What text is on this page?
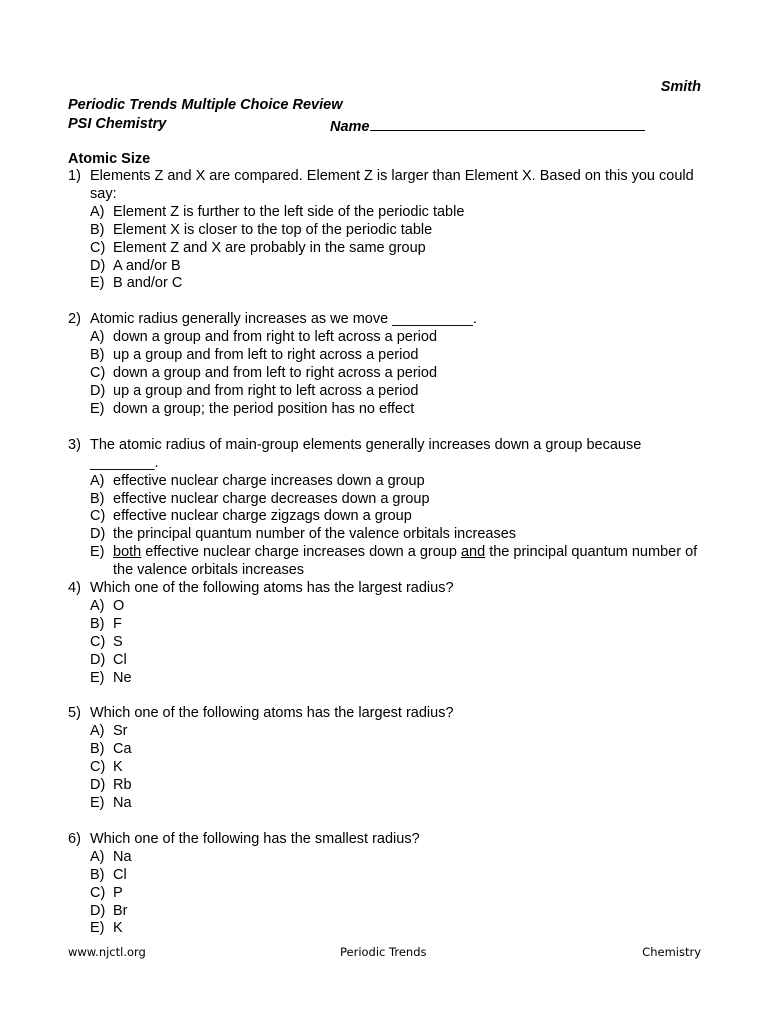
Smith
Periodic Trends Multiple Choice Review
PSI Chemistry	Name
Atomic Size
1) Elements Z and X are compared. Element Z is larger than Element X. Based on this you could say:
A) Element Z is further to the left side of the periodic table
B) Element X is closer to the top of the periodic table
C) Element Z and X are probably in the same group
D) A and/or B
E) B and/or C
2) Atomic radius generally increases as we move __________.
A) down a group and from right to left across a period
B) up a group and from left to right across a period
C) down a group and from left to right across a period
D) up a group and from right to left across a period
E) down a group; the period position has no effect
3) The atomic radius of main-group elements generally increases down a group because ________.
A) effective nuclear charge increases down a group
B) effective nuclear charge decreases down a group
C) effective nuclear charge zigzags down a group
D) the principal quantum number of the valence orbitals increases
E) both effective nuclear charge increases down a group and the principal quantum number of the valence orbitals increases
4) Which one of the following atoms has the largest radius?
A) O
B) F
C) S
D) Cl
E) Ne
5) Which one of the following atoms has the largest radius?
A) Sr
B) Ca
C) K
D) Rb
E) Na
6) Which one of the following has the smallest radius?
A) Na
B) Cl
C) P
D) Br
E) K
www.njctl.org	Periodic Trends	Chemistry
